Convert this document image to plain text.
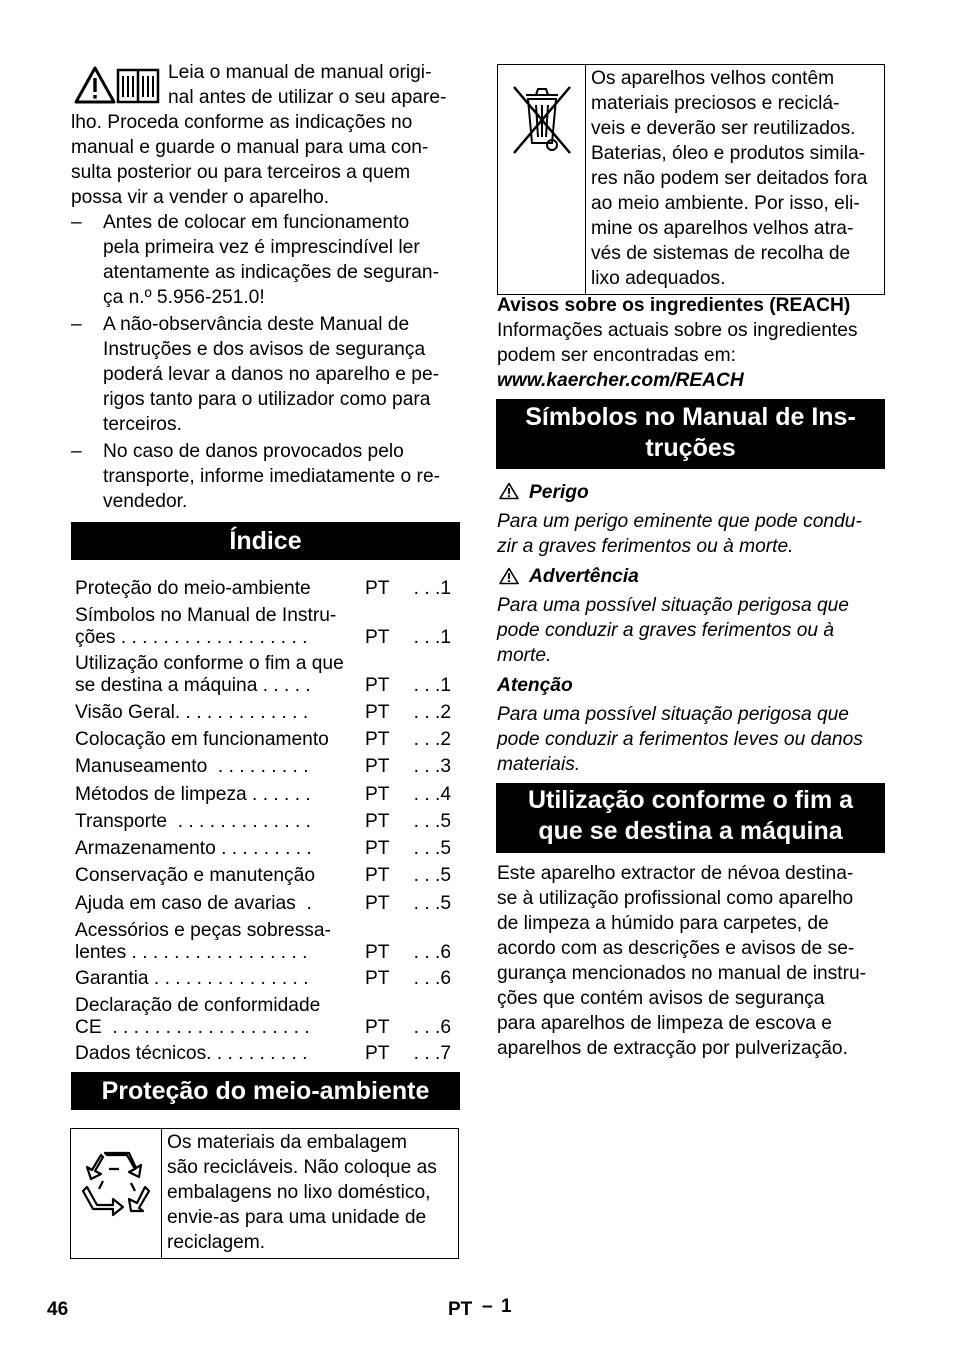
Leia o manual de manual origi-
nal antes de utilizar o seu apare-
lho. Proceda conforme as indicações no
manual e guarde o manual para uma con-
sulta posterior ou para terceiros a quem
possa vir a vender o aparelho.
–	Antes de colocar em funcionamento
pela primeira vez é imprescindível ler
atentamente as indicações de seguran-
ça n.º 5.956-251.0!
–	A não-observância deste Manual de
Instruções e dos avisos de segurança
poderá levar a danos no aparelho e pe-
rigos tanto para o utilizador como para
terceiros.
–	No caso de danos provocados pelo
transporte, informe imediatamente o re-
vendedor.
Índice
Proteção do meio-ambiente	PT . . .1
Símbolos no Manual de Instru-
ções . . . . . . . . . . . . . . . . . .	PT . . .1
Utilização conforme o fim a que
se destina a máquina . . . . .	PT . . .1
Visão Geral. . . . . . . . . . . . .	PT . . .2
Colocação em funcionamento	PT . . .2
Manuseamento  . . . . . . . . .	PT . . .3
Métodos de limpeza . . . . . .	PT . . .4
Transporte  . . . . . . . . . . . . .	PT . . .5
Armazenamento . . . . . . . . .	PT . . .5
Conservação e manutenção	PT . . .5
Ajuda em caso de avarias  .	PT . . .5
Acessórios e peças sobressa-
lentes . . . . . . . . . . . . . . . . .	PT . . .6
Garantia . . . . . . . . . . . . . . .	PT . . .6
Declaração de conformidade
CE  . . . . . . . . . . . . . . . . . . .	PT . . .6
Dados técnicos. . . . . . . . . .	PT . . .7
Proteção do meio-ambiente
Os materiais da embalagem
são recicláveis. Não coloque as
embalagens no lixo doméstico,
envie-as para uma unidade de
reciclagem.
Os aparelhos velhos contêm
materiais preciosos e reciclá-
veis e deverão ser reutilizados.
Baterias, óleo e produtos simila-
res não podem ser deitados fora
ao meio ambiente. Por isso, eli-
mine os aparelhos velhos atra-
vés de sistemas de recolha de
lixo adequados.
Avisos sobre os ingredientes (REACH)
Informações actuais sobre os ingredientes
podem ser encontradas em:
www.kaercher.com/REACH
Símbolos no Manual de Ins-
truções
Perigo
Para um perigo eminente que pode condu-
zir a graves ferimentos ou à morte.
Advertência
Para uma possível situação perigosa que
pode conduzir a graves ferimentos ou à
morte.
Atenção
Para uma possível situação perigosa que
pode conduzir a ferimentos leves ou danos
materiais.
Utilização conforme o fim a
que se destina a máquina
Este aparelho extractor de névoa destina-
se à utilização profissional como aparelho
de limpeza a húmido para carpetes, de
acordo com as descrições e avisos de se-
gurança mencionados no manual de instru-
ções que contém avisos de segurança
para aparelhos de limpeza de escova e
aparelhos de extracção por pulverização.
46	PT – 1
